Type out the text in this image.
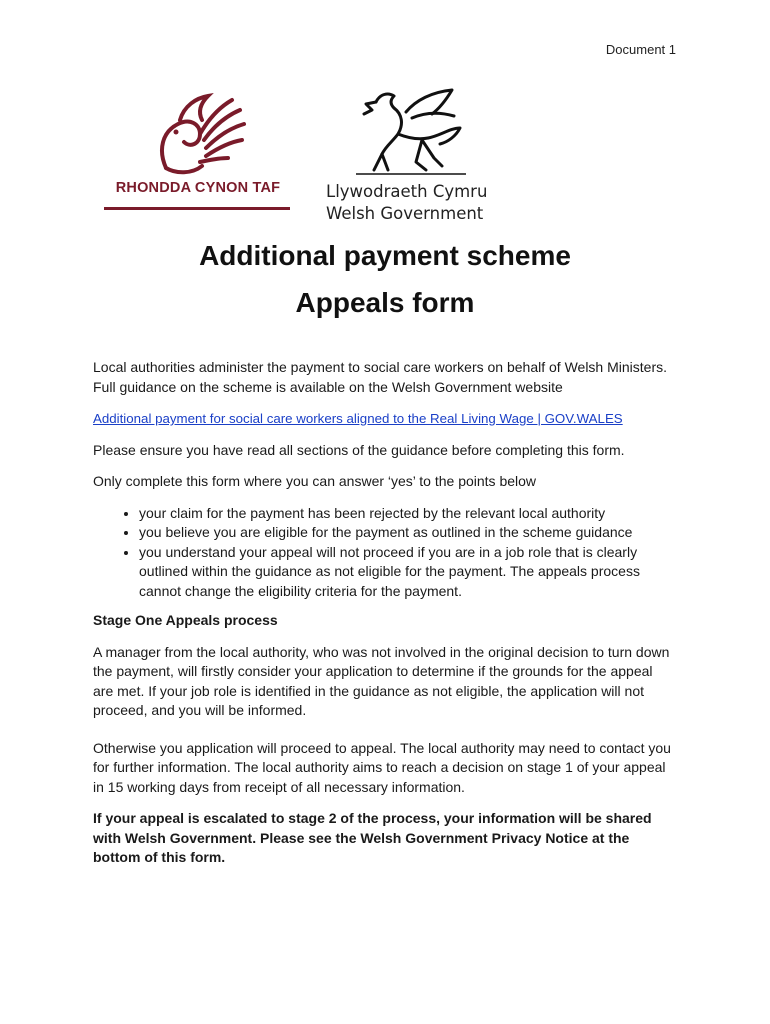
Document 1
RHONDDA CYNON TAF	Llywodraeth Cymru
Welsh Government
Additional payment scheme
Appeals form

Local authorities administer the payment to social care workers on behalf of Welsh Ministers. Full guidance on the scheme is available on the Welsh Government website

Additional payment for social care workers aligned to the Real Living Wage | GOV.WALES

Please ensure you have read all sections of the guidance before completing this form.

Only complete this form where you can answer ‘yes’ to the points below

• your claim for the payment has been rejected by the relevant local authority
• you believe you are eligible for the payment as outlined in the scheme guidance
• you understand your appeal will not proceed if you are in a job role that is clearly outlined within the guidance as not eligible for the payment. The appeals process cannot change the eligibility criteria for the payment.

Stage One Appeals process

A manager from the local authority, who was not involved in the original decision to turn down the payment, will firstly consider your application to determine if the grounds for the appeal are met. If your job role is identified in the guidance as not eligible, the application will not proceed, and you will be informed.

Otherwise you application will proceed to appeal. The local authority may need to contact you for further information. The local authority aims to reach a decision on stage 1 of your appeal in 15 working days from receipt of all necessary information.

If your appeal is escalated to stage 2 of the process, your information will be shared with Welsh Government. Please see the Welsh Government Privacy Notice at the bottom of this form.
